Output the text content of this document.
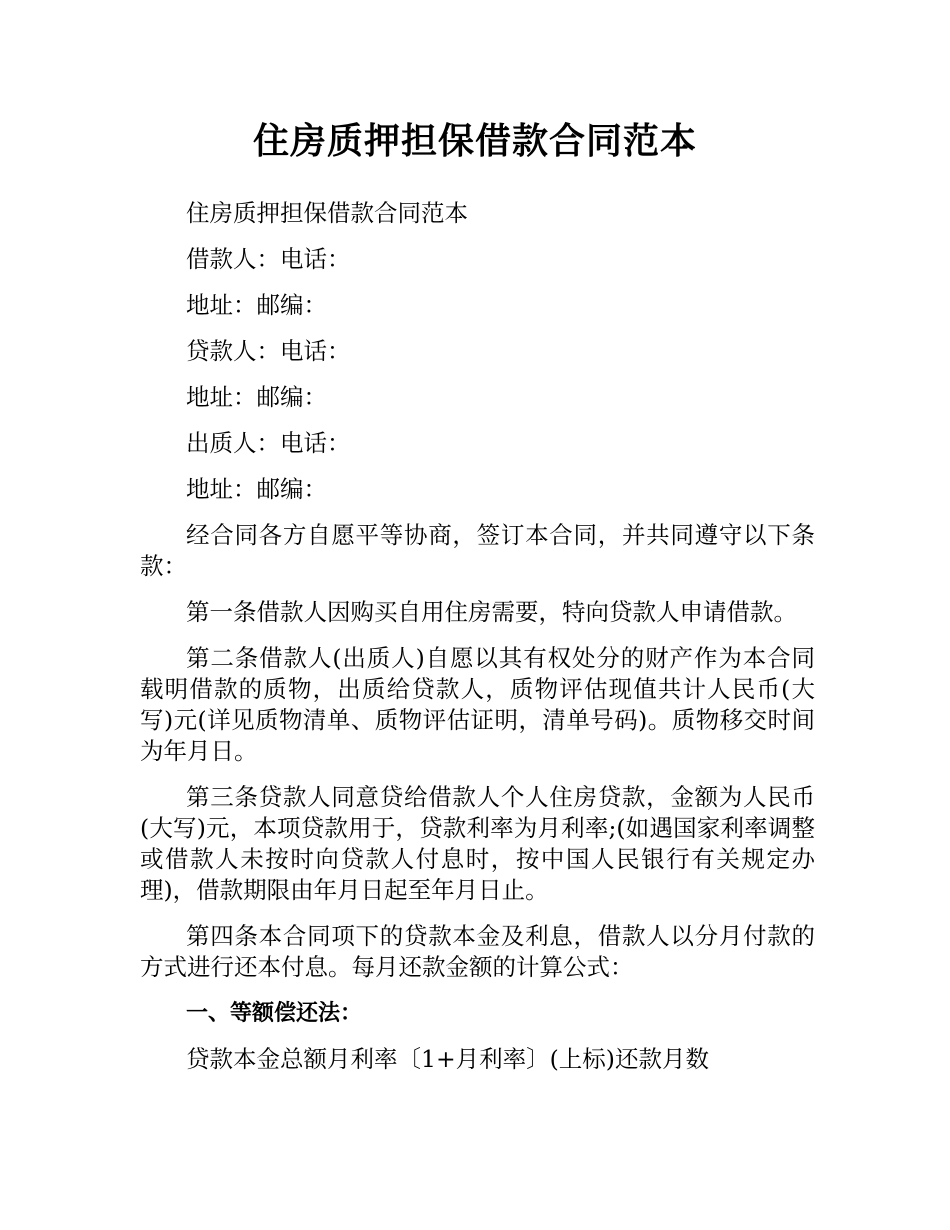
住房质押担保借款合同范本

住房质押担保借款合同范本

借款人：电话：

地址：邮编：

贷款人：电话：

地址：邮编：

出质人：电话：

地址：邮编：

经合同各方自愿平等协商，签订本合同，并共同遵守以下条款：

第一条借款人因购买自用住房需要，特向贷款人申请借款。

第二条借款人(出质人)自愿以其有权处分的财产作为本合同载明借款的质物，出质给贷款人，质物评估现值共计人民币(大写)元(详见质物清单、质物评估证明，清单号码)。质物移交时间为年月日。

第三条贷款人同意贷给借款人个人住房贷款，金额为人民币(大写)元，本项贷款用于，贷款利率为月利率;(如遇国家利率调整或借款人未按时向贷款人付息时，按中国人民银行有关规定办理)，借款期限由年月日起至年月日止。

第四条本合同项下的贷款本金及利息，借款人以分月付款的方式进行还本付息。每月还款金额的计算公式：

一、等额偿还法：

贷款本金总额月利率〔1+月利率〕(上标)还款月数
